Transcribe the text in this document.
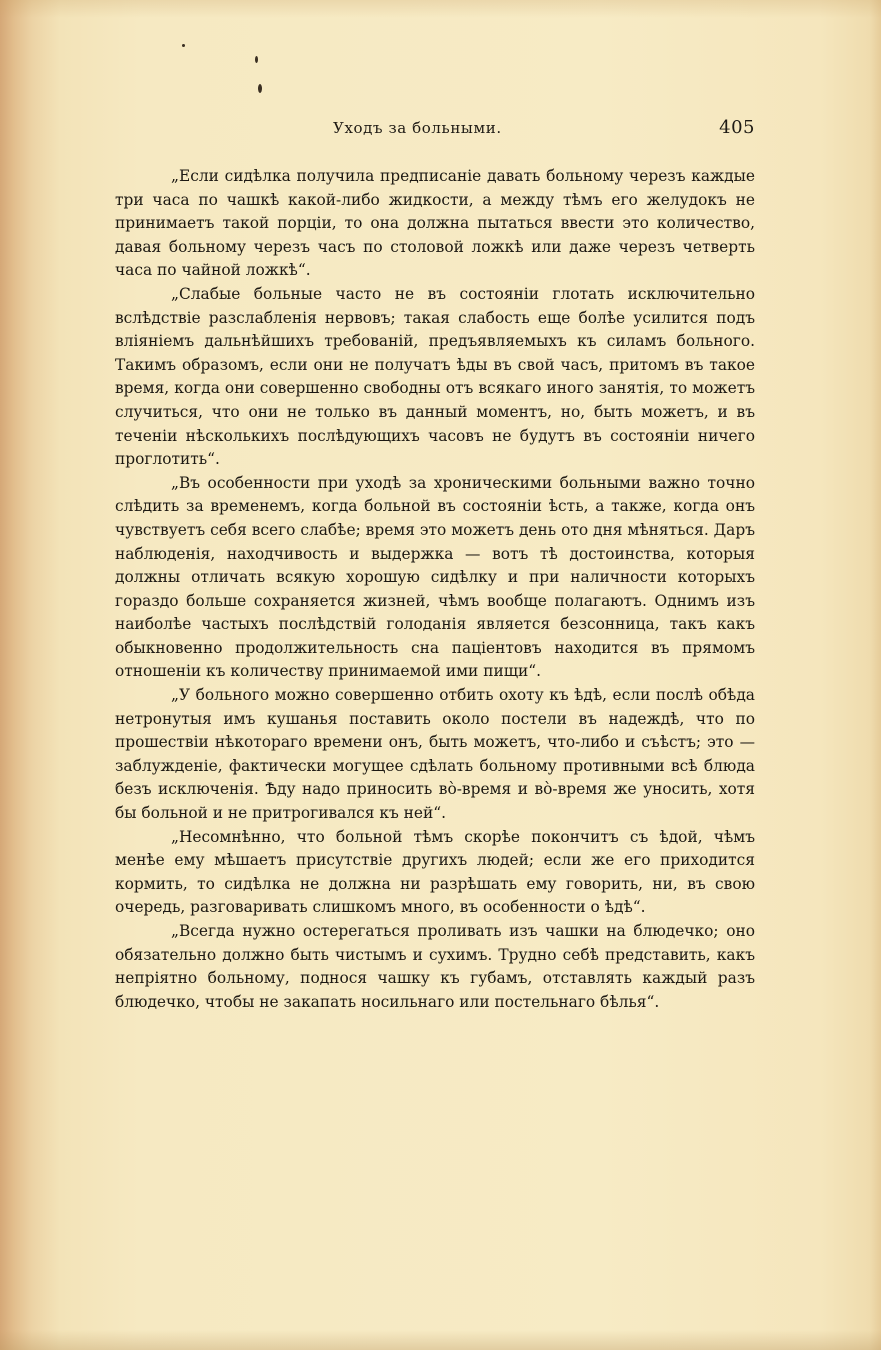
Уходъ за больными.	405

„Если сидѣлка получила предписаніе давать больному черезъ каждые три часа по чашкѣ какой-либо жидкости, а между тѣмъ его желудокъ не принимаетъ такой порціи, то она должна пытаться ввести это количество, давая больному черезъ часъ по столовой ложкѣ или даже черезъ четверть часа по чайной ложкѣ“.

„Слабые больные часто не въ состояніи глотать исключительно вслѣдствіе разслабленія нервовъ; такая слабость еще болѣе усилится подъ вліяніемъ дальнѣйшихъ требованій, предъявляемыхъ къ силамъ больного. Такимъ образомъ, если они не получатъ ѣды въ свой часъ, притомъ въ такое время, когда они совершенно свободны отъ всякаго иного занятія, то можетъ случиться, что они не только въ данный моментъ, но, быть можетъ, и въ теченіи нѣсколькихъ послѣдующихъ часовъ не будутъ въ состояніи ничего проглотить“.

„Въ особенности при уходѣ за хроническими больными важно точно слѣдить за временемъ, когда больной въ состояніи ѣсть, а также, когда онъ чувствуетъ себя всего слабѣе; время это можетъ день ото дня мѣняться. Даръ наблюденія, находчивость и выдержка — вотъ тѣ достоинства, которыя должны отличать всякую хорошую сидѣлку и при наличности которыхъ гораздо больше сохраняется жизней, чѣмъ вообще полагаютъ. Однимъ изъ наиболѣе частыхъ послѣдствій голоданія является безсонница, такъ какъ обыкновенно продолжительность сна паціентовъ находится въ прямомъ отношеніи къ количеству принимаемой ими пищи“.

„У больного можно совершенно отбить охоту къ ѣдѣ, если послѣ обѣда нетронутыя имъ кушанья поставить около постели въ надеждѣ, что по прошествіи нѣкотораго времени онъ, быть можетъ, что-либо и съѣстъ; это — заблужденіе, фактически могущее сдѣлать больному противными всѣ блюда безъ исключенія. Ѣду надо приносить во̀-время и во̀-время же уносить, хотя бы больной и не притрогивался къ ней“.

„Несомнѣнно, что больной тѣмъ скорѣе покончитъ съ ѣдой, чѣмъ менѣе ему мѣшаетъ присутствіе другихъ людей; если же его приходится кормить, то сидѣлка не должна ни разрѣшать ему говорить, ни, въ свою очередь, разговаривать слишкомъ много, въ особенности о ѣдѣ“.

„Всегда нужно остерегаться проливать изъ чашки на блюдечко; оно обязательно должно быть чистымъ и сухимъ. Трудно себѣ представить, какъ непріятно больному, поднося чашку къ губамъ, отставлять каждый разъ блюдечко, чтобы не закапать носильнаго или постельнаго бѣлья“.
